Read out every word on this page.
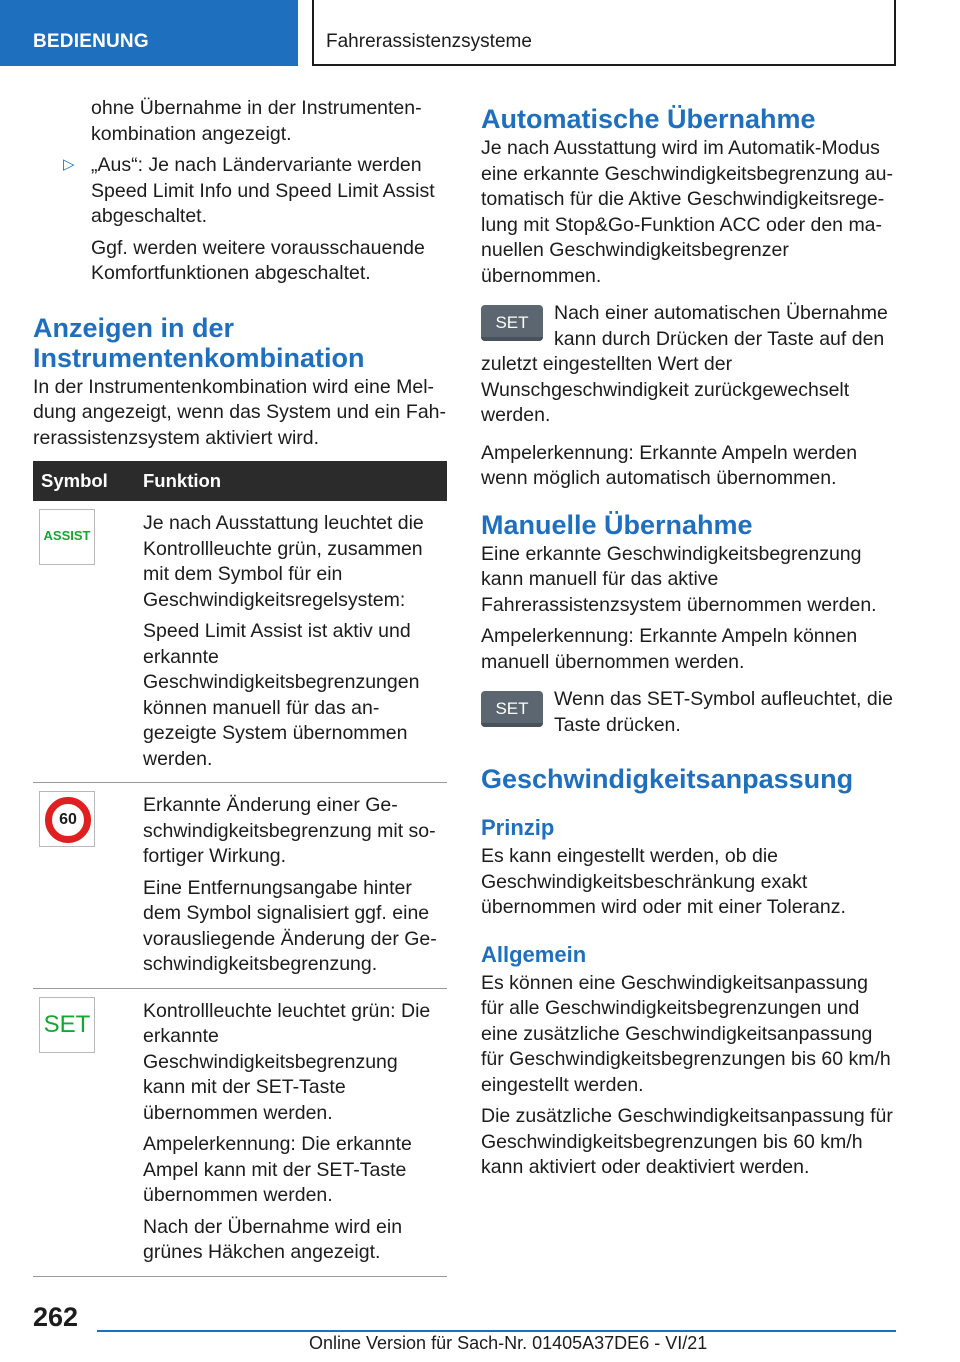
BEDIENUNG	Fahrerassistenzsysteme

ohne Übernahme in der Instrumentenkombination angezeigt.

▷ „Aus“: Je nach Ländervariante werden Speed Limit Info und Speed Limit Assist abgeschaltet.

Ggf. werden weitere vorausschauende Komfortfunktionen abgeschaltet.

Anzeigen in der Instrumentenkombination

In der Instrumentenkombination wird eine Meldung angezeigt, wenn das System und ein Fahrerassistenzsystem aktiviert wird.

Symbol	Funktion

ASSIST	Je nach Ausstattung leuchtet die Kontrollleuchte grün, zusammen mit dem Symbol für ein Geschwindigkeitsregelsystem:

Speed Limit Assist ist aktiv und erkannte Geschwindigkeitsbegrenzungen können manuell für das angezeigte System übernommen werden.

60	Erkannte Änderung einer Geschwindigkeitsbegrenzung mit sofortiger Wirkung.

Eine Entfernungsangabe hinter dem Symbol signalisiert ggf. eine vorausliegende Änderung der Geschwindigkeitsbegrenzung.

SET	Kontrollleuchte leuchtet grün: Die erkannte Geschwindigkeitsbegrenzung kann mit der SET-Taste übernommen werden.

Ampelerkennung: Die erkannte Ampel kann mit der SET-Taste übernommen werden.

Nach der Übernahme wird ein grünes Häkchen angezeigt.

Automatische Übernahme

Je nach Ausstattung wird im Automatik-Modus eine erkannte Geschwindigkeitsbegrenzung automatisch für die Aktive Geschwindigkeitsregelung mit Stop&Go-Funktion ACC oder den manuellen Geschwindigkeitsbegrenzer übernommen.

SET	Nach einer automatischen Übernahme kann durch Drücken der Taste auf den

zuletzt eingestellten Wert der Wunschgeschwindigkeit zurückgewechselt werden.

Ampelerkennung: Erkannte Ampeln werden wenn möglich automatisch übernommen.

Manuelle Übernahme

Eine erkannte Geschwindigkeitsbegrenzung kann manuell für das aktive Fahrerassistenzsystem übernommen werden.

Ampelerkennung: Erkannte Ampeln können manuell übernommen werden.

SET	Wenn das SET-Symbol aufleuchtet, die Taste drücken.

Geschwindigkeitsanpassung
Prinzip

Es kann eingestellt werden, ob die Geschwindigkeitsbeschränkung exakt übernommen wird oder mit einer Toleranz.

Allgemein

Es können eine Geschwindigkeitsanpassung für alle Geschwindigkeitsbegrenzungen und eine zusätzliche Geschwindigkeitsanpassung für Geschwindigkeitsbegrenzungen bis 60 km/h eingestellt werden.

Die zusätzliche Geschwindigkeitsanpassung für Geschwindigkeitsbegrenzungen bis 60 km/h kann aktiviert oder deaktiviert werden.

262
Online Version für Sach-Nr. 01405A37DE6 - VI/21
